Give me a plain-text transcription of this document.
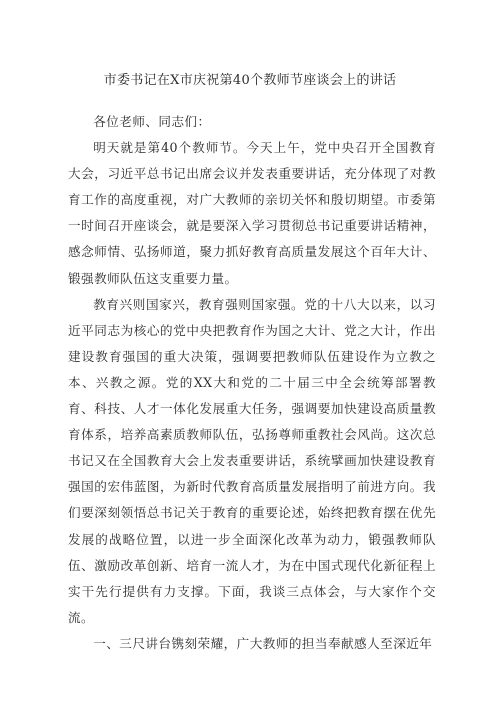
市委书记在X市庆祝第40个教师节座谈会上的讲话

各位老师、同志们：

明天就是第40个教师节。今天上午，党中央召开全国教育大会，习近平总书记出席会议并发表重要讲话，充分体现了对教育工作的高度重视，对广大教师的亲切关怀和殷切期望。市委第一时间召开座谈会，就是要深入学习贯彻总书记重要讲话精神，感念师情、弘扬师道，聚力抓好教育高质量发展这个百年大计、锻强教师队伍这支重要力量。

教育兴则国家兴，教育强则国家强。党的十八大以来，以习近平同志为核心的党中央把教育作为国之大计、党之大计，作出建设教育强国的重大决策，强调要把教师队伍建设作为立教之本、兴教之源。党的XX大和党的二十届三中全会统筹部署教育、科技、人才一体化发展重大任务，强调要加快建设高质量教育体系，培养高素质教师队伍，弘扬尊师重教社会风尚。这次总书记又在全国教育大会上发表重要讲话，系统擘画加快建设教育强国的宏伟蓝图，为新时代教育高质量发展指明了前进方向。我们要深刻领悟总书记关于教育的重要论述，始终把教育摆在优先发展的战略位置，以进一步全面深化改革为动力，锻强教师队伍、激励改革创新、培育一流人才，为在中国式现代化新征程上实干先行提供有力支撑。下面，我谈三点体会，与大家作个交流。

一、三尺讲台镌刻荣耀，广大教师的担当奉献感人至深近年
